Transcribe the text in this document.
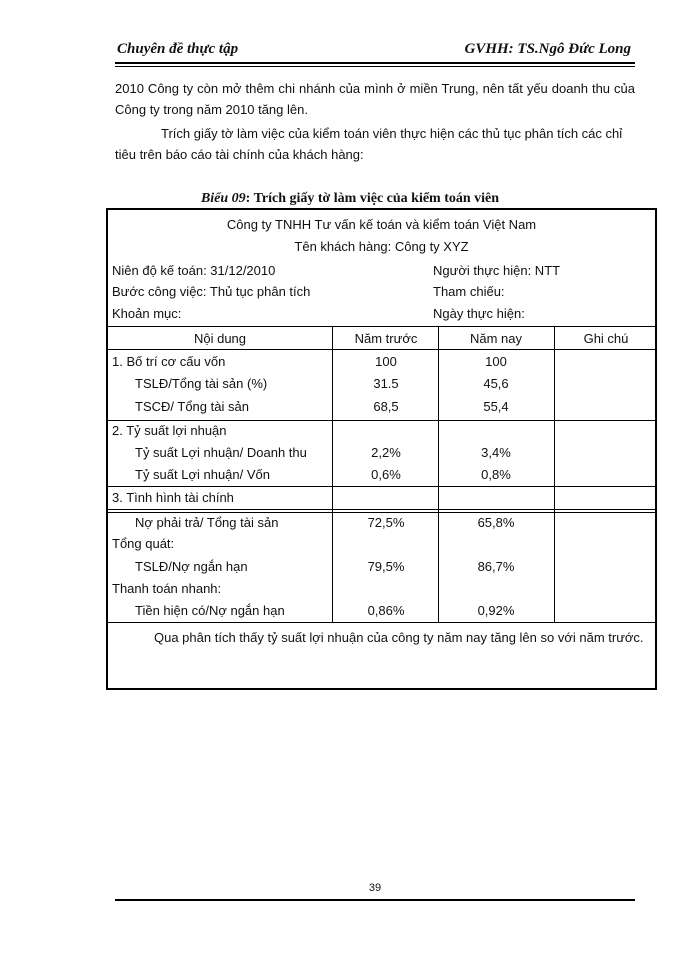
Chuyên đề thực tập	GVHH: TS.Ngô Đức Long

2010 Công ty còn mở thêm chi nhánh của mình ở miền Trung, nên tất yếu doanh thu của Công ty trong năm 2010 tăng lên.

Trích giấy tờ làm việc của kiểm toán viên thực hiện các thủ tục phân tích các chỉ tiêu trên báo cáo tài chính của khách hàng:

Biểu 09: Trích giấy tờ làm việc của kiểm toán viên
Công ty TNHH Tư vấn kế toán và kiểm toán Việt Nam
Tên khách hàng: Công ty XYZ
Niên độ kế toán: 31/12/2010	Người thực hiện: NTT
Bước công việc: Thủ tục phân tích	Tham chiếu:
Khoản mục:	Ngày thực hiện:
Nội dung	Năm trước	Năm nay	Ghi chú
1. Bố trí cơ cấu vốn	100	100
TSLĐ/Tổng tài sản (%)	31.5	45,6
TSCĐ/ Tổng tài sản	68,5	55,4
2. Tỷ suất lợi nhuận
Tỷ suất Lợi nhuận/ Doanh thu	2,2%	3,4%
Tỷ suất Lợi nhuận/ Vốn	0,6%	0,8%
3. Tình hình tài chính
Nợ phải trả/ Tổng tài sản	72,5%	65,8%
Tổng quát:
TSLĐ/Nợ ngắn hạn	79,5%	86,7%
Thanh toán nhanh:
Tiền hiện có/Nợ ngắn hạn	0,86%	0,92%
Qua phân tích thấy tỷ suất lợi nhuận của công ty năm nay tăng lên so với năm trước.
39
